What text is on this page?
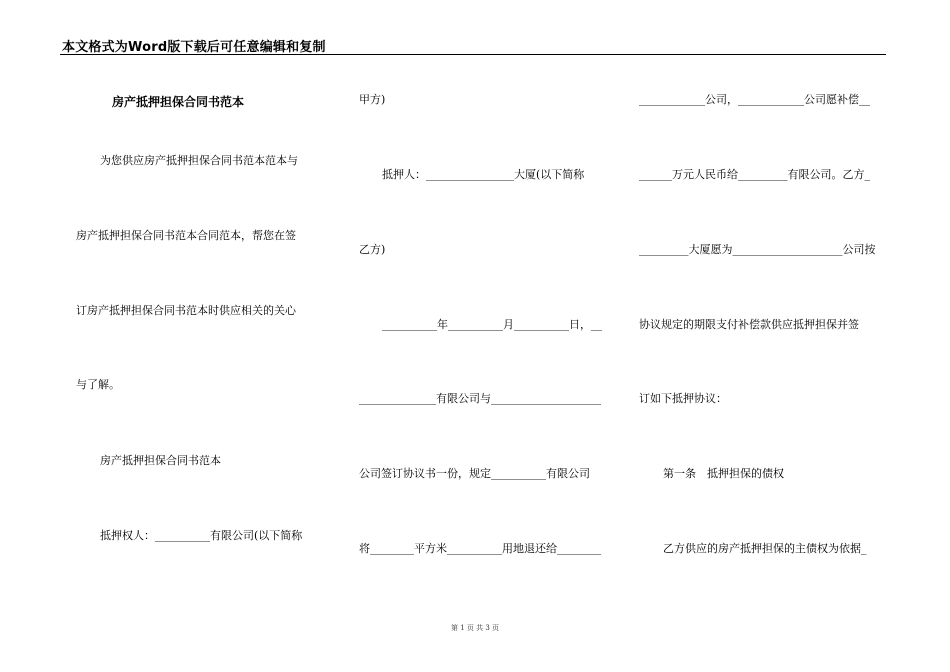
本文格式为Word版下载后可任意编辑和复制
房产抵押担保合同书范本
为您供应房产抵押担保合同书范本范本与
房产抵押担保合同书范本合同范本，帮您在签
订房产抵押担保合同书范本时供应相关的关心
与了解。
房产抵押担保合同书范本
抵押权人：__________有限公司(以下简称
甲方)
抵押人：________________大厦(以下简称
乙方)
__________年__________月__________日，__
______________有限公司与____________________
公司签订协议书一份，规定__________有限公司
将________平方米__________用地退还给________
____________公司，____________公司愿补偿__
______万元人民币给_________有限公司。乙方_
_________大厦愿为____________________公司按
协议规定的期限支付补偿款供应抵押担保并签
订如下抵押协议：
第一条　抵押担保的债权
乙方供应的房产抵押担保的主债权为依据_
第 1 页 共 3 页
